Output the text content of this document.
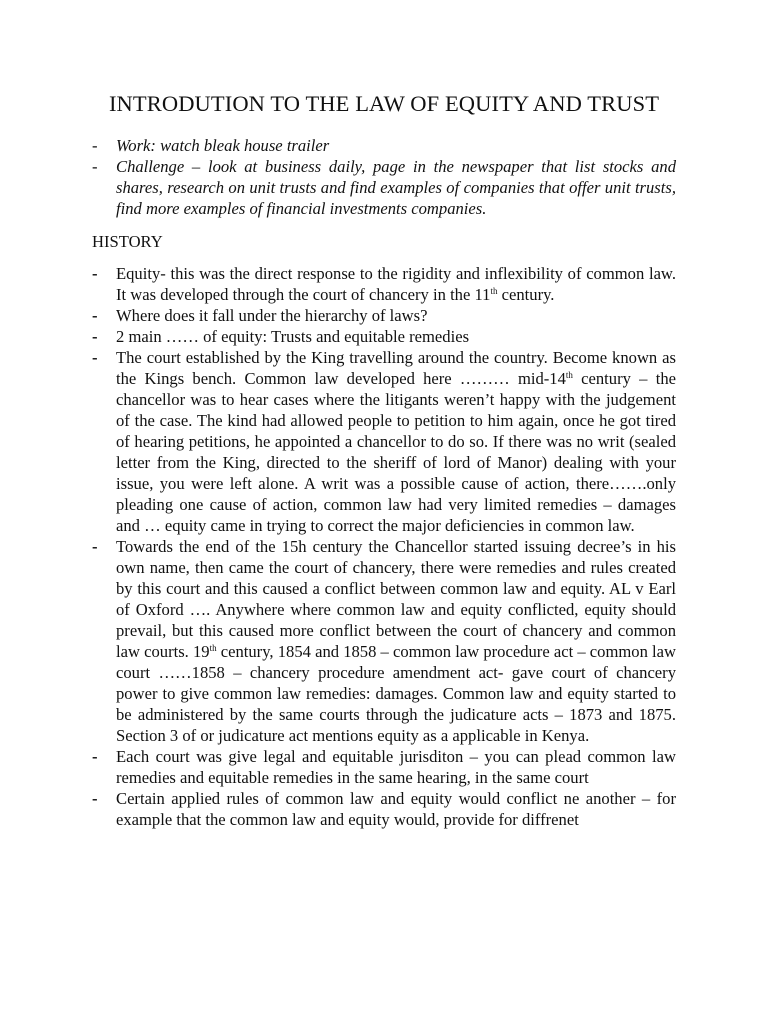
INTRODUTION TO THE LAW OF EQUITY AND TRUST
- Work: watch bleak house trailer
- Challenge – look at business daily, page in the newspaper that list stocks and shares, research on unit trusts and find examples of companies that offer unit trusts, find more examples of financial investments companies.
HISTORY
- Equity- this was the direct response to the rigidity and inflexibility of common law. It was developed through the court of chancery in the 11th century.
- Where does it fall under the hierarchy of laws?
- 2 main …… of equity: Trusts and equitable remedies
- The court established by the King travelling around the country. Become known as the Kings bench. Common law developed here ……… mid-14th century – the chancellor was to hear cases where the litigants weren’t happy with the judgement of the case. The kind had allowed people to petition to him again, once he got tired of hearing petitions, he appointed a chancellor to do so. If there was no writ (sealed letter from the King, directed to the sheriff of lord of Manor) dealing with your issue, you were left alone. A writ was a possible cause of action, there…….only pleading one cause of action, common law had very limited remedies – damages and … equity came in trying to correct the major deficiencies in common law.
- Towards the end of the 15h century the Chancellor started issuing decree’s in his own name, then came the court of chancery, there were remedies and rules created by this court and this caused a conflict between common law and equity. AL v Earl of Oxford …. Anywhere where common law and equity conflicted, equity should prevail, but this caused more conflict between the court of chancery and common law courts. 19th century, 1854 and 1858 – common law procedure act – common law court ……1858 – chancery procedure amendment act- gave court of chancery power to give common law remedies: damages. Common law and equity started to be administered by the same courts through the judicature acts – 1873 and 1875. Section 3 of or judicature act mentions equity as a applicable in Kenya.
- Each court was give legal and equitable jurisditon – you can plead common law remedies and equitable remedies in the same hearing, in the same court
- Certain applied rules of common law and equity would conflict ne another – for example that the common law and equity would, provide for diffrenet
